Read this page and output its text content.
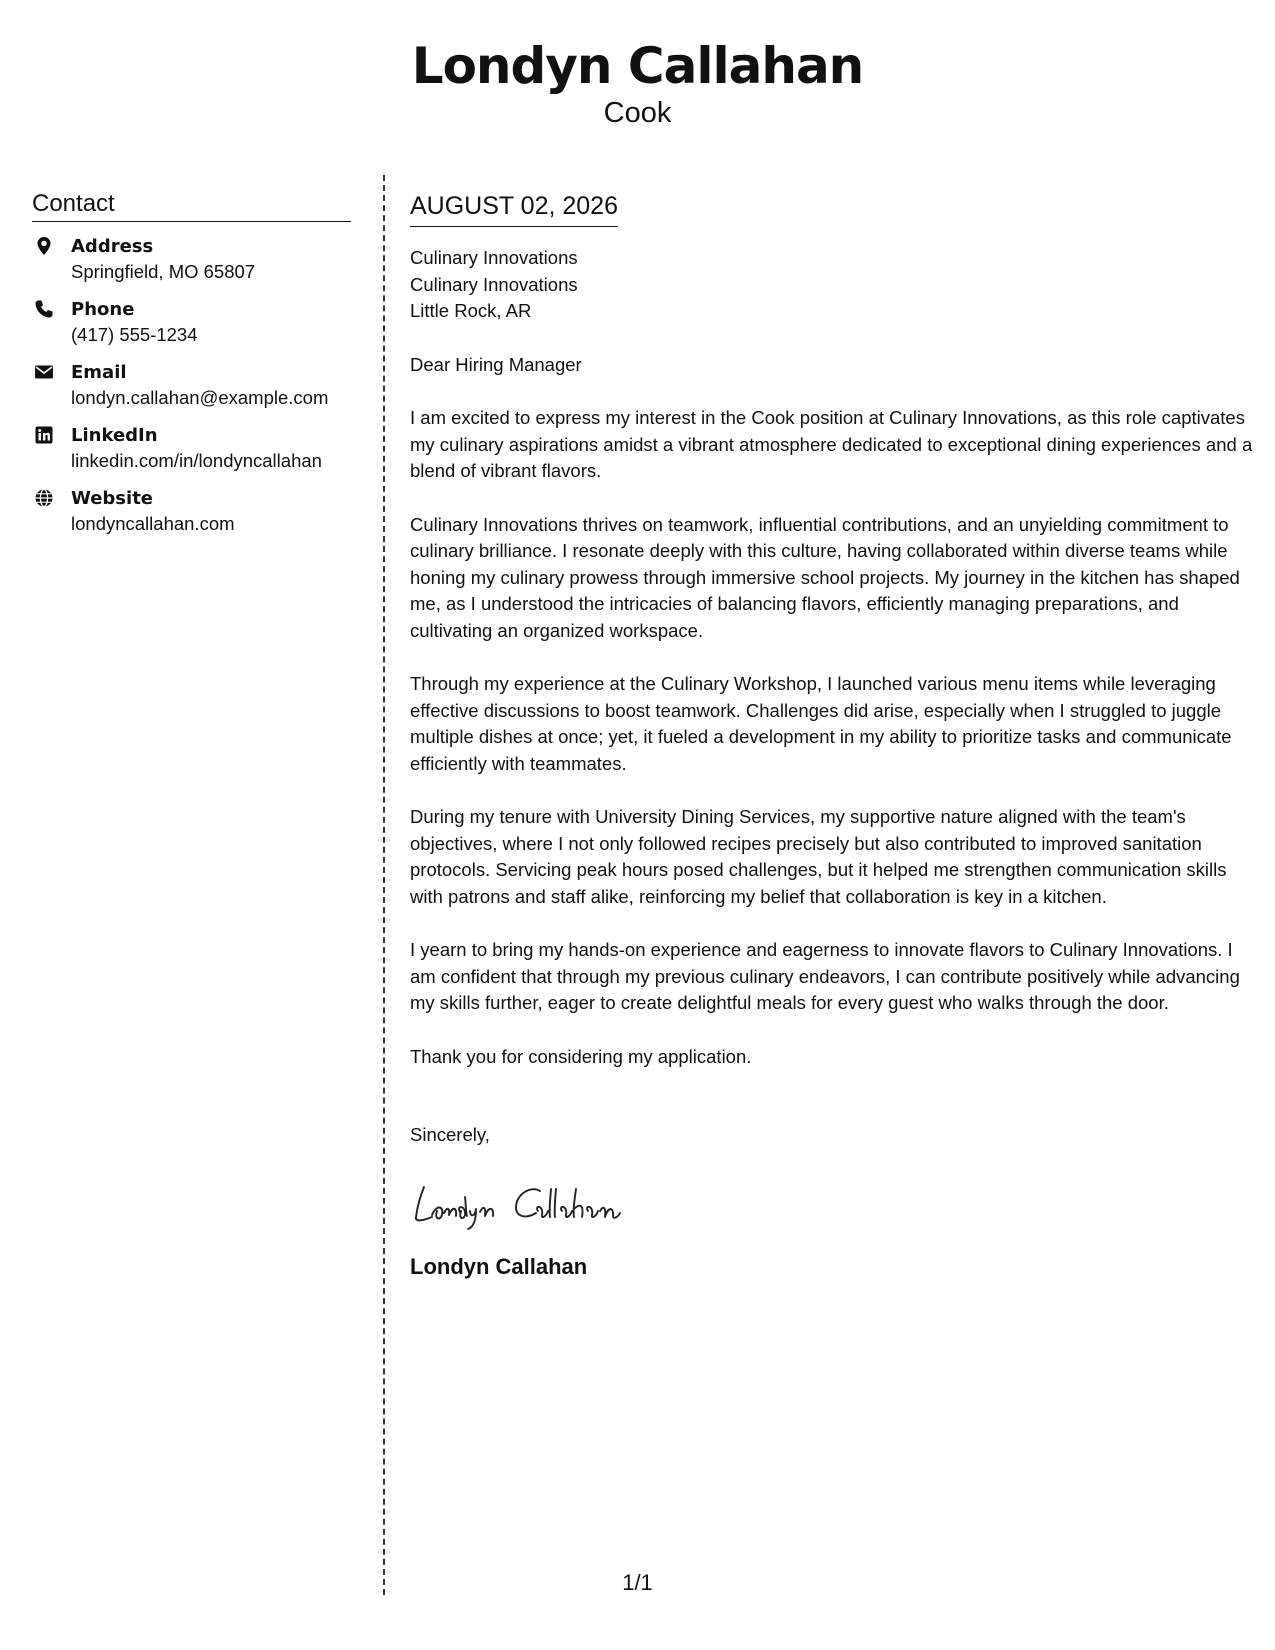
Londyn Callahan
Cook
Contact
Address
Springfield, MO 65807
Phone
(417) 555-1234
Email
londyn.callahan@example.com
LinkedIn
linkedin.com/in/londyncallahan
Website
londyncallahan.com
AUGUST 02, 2026
Culinary Innovations
Culinary Innovations
Little Rock, AR
Dear Hiring Manager
I am excited to express my interest in the Cook position at Culinary Innovations, as this role captivates my culinary aspirations amidst a vibrant atmosphere dedicated to exceptional dining experiences and a blend of vibrant flavors.
Culinary Innovations thrives on teamwork, influential contributions, and an unyielding commitment to culinary brilliance. I resonate deeply with this culture, having collaborated within diverse teams while honing my culinary prowess through immersive school projects. My journey in the kitchen has shaped me, as I understood the intricacies of balancing flavors, efficiently managing preparations, and cultivating an organized workspace.
Through my experience at the Culinary Workshop, I launched various menu items while leveraging effective discussions to boost teamwork. Challenges did arise, especially when I struggled to juggle multiple dishes at once; yet, it fueled a development in my ability to prioritize tasks and communicate efficiently with teammates.
During my tenure with University Dining Services, my supportive nature aligned with the team's objectives, where I not only followed recipes precisely but also contributed to improved sanitation protocols. Servicing peak hours posed challenges, but it helped me strengthen communication skills with patrons and staff alike, reinforcing my belief that collaboration is key in a kitchen.
I yearn to bring my hands-on experience and eagerness to innovate flavors to Culinary Innovations. I am confident that through my previous culinary endeavors, I can contribute positively while advancing my skills further, eager to create delightful meals for every guest who walks through the door.
Thank you for considering my application.
Sincerely,
Londyn Callahan
1/1
